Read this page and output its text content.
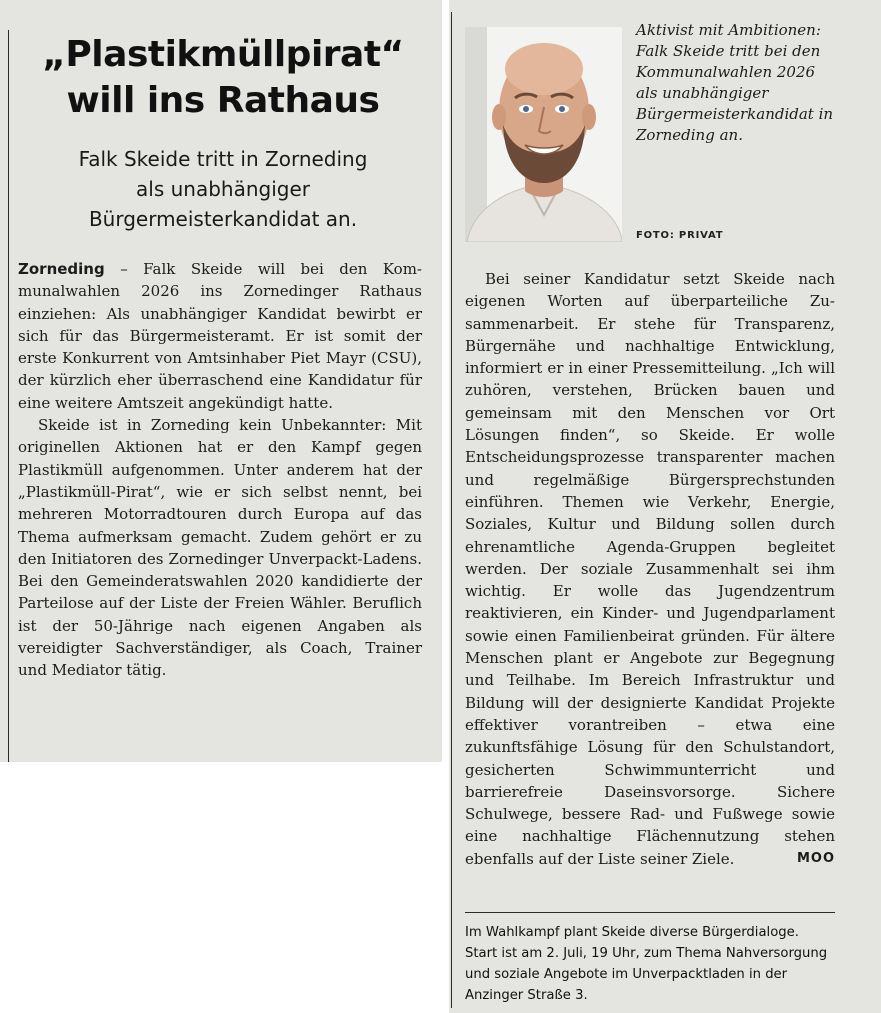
„Plastikmüllpirat“
will ins Rathaus
Falk Skeide tritt in Zorneding
als unabhängiger
Bürgermeisterkandidat an.

Zorneding – Falk Skeide will bei den Kommunalwahlen 2026 ins Zornedinger Rathaus einziehen: Als unabhängiger Kandidat bewirbt er sich für das Bürgermeisteramt. Er ist somit der erste Konkurrent von Amtsinhaber Piet Mayr (CSU), der kürzlich eher überraschend eine Kandidatur für eine weitere Amtszeit angekündigt hatte.

Skeide ist in Zorneding kein Unbekannter: Mit originellen Aktionen hat er den Kampf gegen Plastikmüll aufgenommen. Unter anderem hat der „Plastikmüll-Pirat“, wie er sich selbst nennt, bei mehreren Motorradtouren durch Europa auf das Thema aufmerksam gemacht. Zudem gehört er zu den Initiatoren des Zornedinger Unverpackt-Ladens. Bei den Gemeinderatswahlen 2020 kandidierte der Parteilose auf der Liste der Freien Wähler. Beruflich ist der 50-Jährige nach eigenen Angaben als vereidigter Sachverständiger, als Coach, Trainer und Mediator tätig.

Aktivist mit Ambitionen: Falk Skeide tritt bei den Kommunalwahlen 2026 als unabhängiger Bürgermeisterkandidat in Zorneding an.
FOTO: PRIVAT

Bei seiner Kandidatur setzt Skeide nach eigenen Worten auf überparteiliche Zusammenarbeit. Er stehe für Transparenz, Bürgernähe und nachhaltige Entwicklung, informiert er in einer Pressemitteilung. „Ich will zuhören, verstehen, Brücken bauen und gemeinsam mit den Menschen vor Ort Lösungen finden“, so Skeide. Er wolle Entscheidungsprozesse transparenter machen und regelmäßige Bürgersprechstunden einführen. Themen wie Verkehr, Energie, Soziales, Kultur und Bildung sollen durch ehrenamtliche Agenda-Gruppen begleitet werden. Der soziale Zusammenhalt sei ihm wichtig. Er wolle das Jugendzentrum reaktivieren, ein Kinder- und Jugendparlament sowie einen Familienbeirat gründen. Für ältere Menschen plant er Angebote zur Begegnung und Teilhabe. Im Bereich Infrastruktur und Bildung will der designierte Kandidat Projekte effektiver vorantreiben – etwa eine zukunftsfähige Lösung für den Schulstandort, gesicherten Schwimmunterricht und barrierefreie Daseinsvorsorge. Sichere Schulwege, bessere Rad- und Fußwege sowie eine nachhaltige Flächennutzung stehen ebenfalls auf der Liste seiner Ziele.	MOO

Im Wahlkampf plant Skeide diverse Bürgerdialoge. Start ist am 2. Juli, 19 Uhr, zum Thema Nahversorgung und soziale Angebote im Unverpacktladen in der Anzinger Straße 3.
